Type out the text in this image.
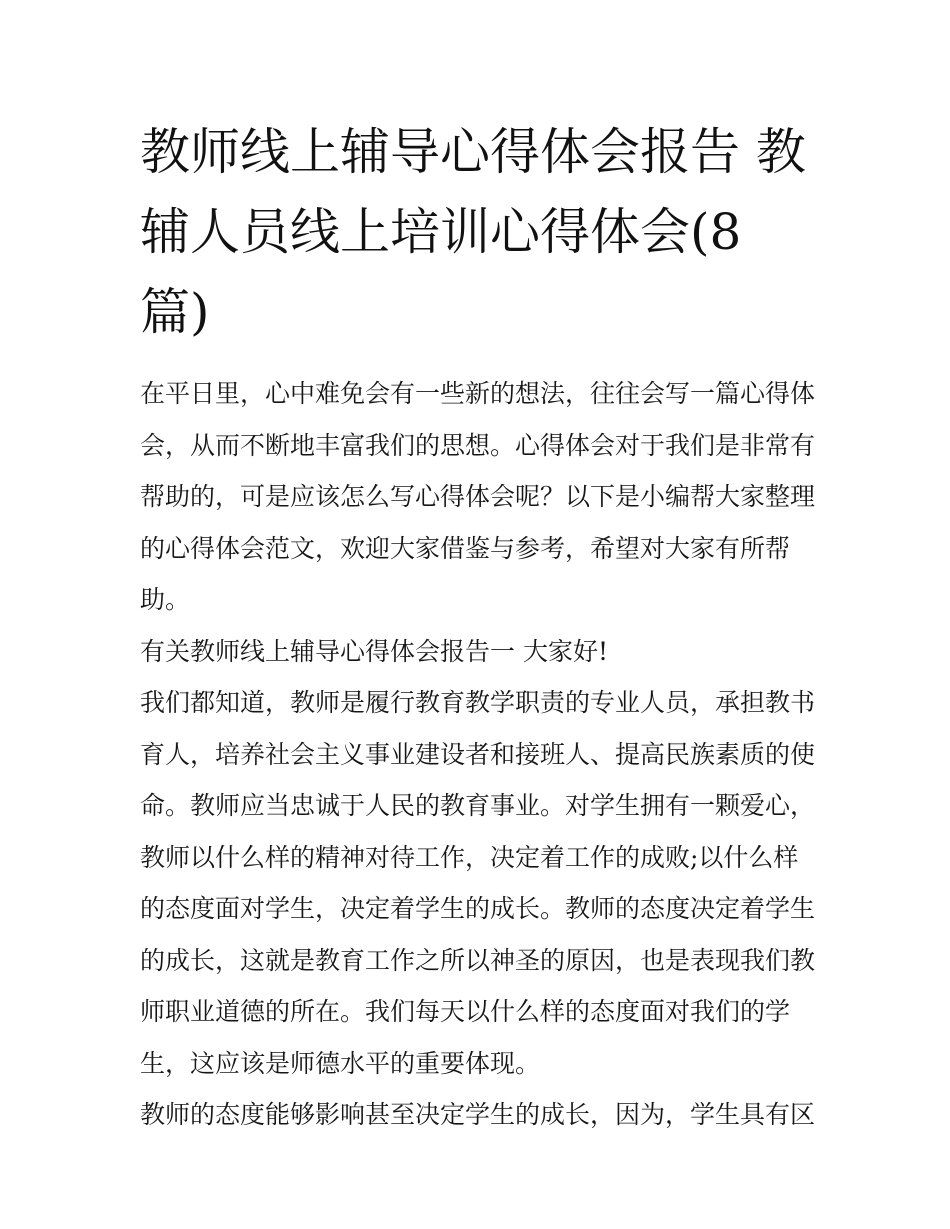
教师线上辅导心得体会报告 教
辅人员线上培训心得体会(8
篇)
在平日里，心中难免会有一些新的想法，往往会写一篇心得体
会，从而不断地丰富我们的思想。心得体会对于我们是非常有
帮助的，可是应该怎么写心得体会呢？以下是小编帮大家整理
的心得体会范文，欢迎大家借鉴与参考，希望对大家有所帮
助。
有关教师线上辅导心得体会报告一 大家好!
我们都知道，教师是履行教育教学职责的专业人员，承担教书
育人，培养社会主义事业建设者和接班人、提高民族素质的使
命。教师应当忠诚于人民的教育事业。对学生拥有一颗爱心，
教师以什么样的精神对待工作，决定着工作的成败;以什么样
的态度面对学生，决定着学生的成长。教师的态度决定着学生
的成长，这就是教育工作之所以神圣的原因，也是表现我们教
师职业道德的所在。我们每天以什么样的态度面对我们的学
生，这应该是师德水平的重要体现。
教师的态度能够影响甚至决定学生的成长，因为，学生具有区
